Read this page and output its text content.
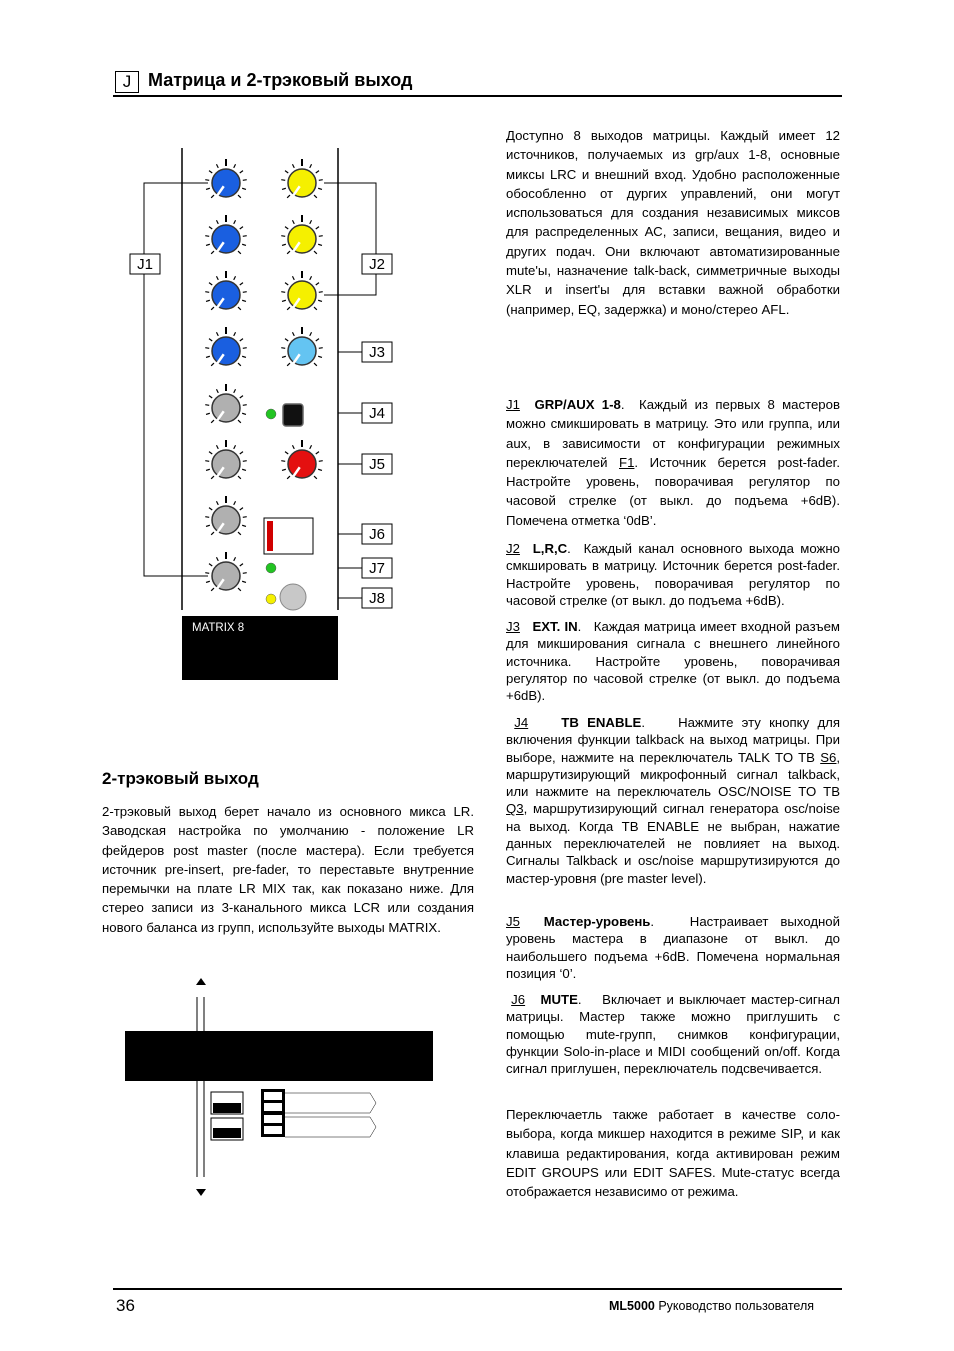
J Матрица и 2-трэковый выход
MATRIX 8
J1	J2
J3
J4
J5
J6
J7
J8
Доступно 8 выходов матрицы. Каждый имеет 12 источников, получаемых из grp/aux 1-8, основные миксы LRC и внешний вход. Удобно расположенные обособленно от дургих управлений, они могут использоваться для создания независимых миксов для распределенных АС, записи, вещания, видео и других подач. Они включают автоматизированные mute'ы, назначение talk-back, симметричные выходы XLR и insert'ы для вставки важной обработки (например, EQ, задержка) и моно/стерео AFL.
J1 GRP/AUX 1-8.  Каждый из первых 8 мастеров можно смикшировать в матрицу. Это или группа, или aux, в зависимости от конфигурации режимных переключателей F1. Источник берется post-fader. Настройте уровень, поворачивая регулятор по часовой стрелке (от выкл. до подъема +6dB). Помечена отметка ‘0dB’.
J2 L,R,C.  Каждый канал основного выхода можно смкшировать в матрицу. Источник берется post-fader. Настройте уровень, поворачивая регулятор по часовой стрелке (от выкл. до подъема +6dB).
J3 EXT. IN.   Каждая матрица имеет входной разъем для микширования сигнала с внешнего линейного источника. Настройте уровень, поворачивая регулятор по часовой стрелке (от выкл. до подъема +6dB).
J4	TB ENABLE.    Нажмите эту кнопку для включения функции talkback на выход матрицы. При выборе, нажмите на переключатель TALK TO TB S6, маршрутизирующий микрофонный сигнал talkback, или нажмите на переключатель OSC/NOISE TO TB Q3, маршрутизирующий сигнал генератора osc/noise на выход. Когда TB ENABLE не выбран, нажатие данных переключателей не повлияет на выход. Сигналы Talkback и osc/noise маршрутизируются до мастер-уровня (pre master level).
J5 Мастер-уровень.   Настраивает выходной уровень мастера в диапазоне от выкл. до наибольшего подъема +6dB. Помечена нормальная позиция ‘0’.
J6 MUTE.    Включает и выключает мастер-сигнал матрицы. Мастер также можно приглушить с помощью mute-групп, снимков конфигурации, функции Solo-in-place и MIDI сообщений on/off. Когда сигнал приглушен, переключатель подсвечивается.
Переключаетль также работает в качестве соло-выбора, когда микшер находится в режиме SIP, и как клавиша редактирования, когда активирован режим EDIT GROUPS или EDIT SAFES. Mute-статус всегда отображается независимо от режима.
2-трэковый выход
2-трэковый выход берет начало из основного микса LR. Заводская настройка по умолчанию - положение LR фейдеров post master (после мастера). Если требуется источник pre-insert, pre-fader, то переставьте внутренние перемычки на плате LR MIX так, как показано ниже. Для стерео записи из 3-канального микса LCR или создания нового баланса из групп, используйте выходы MATRIX.
36	ML5000 Руководство пользователя
